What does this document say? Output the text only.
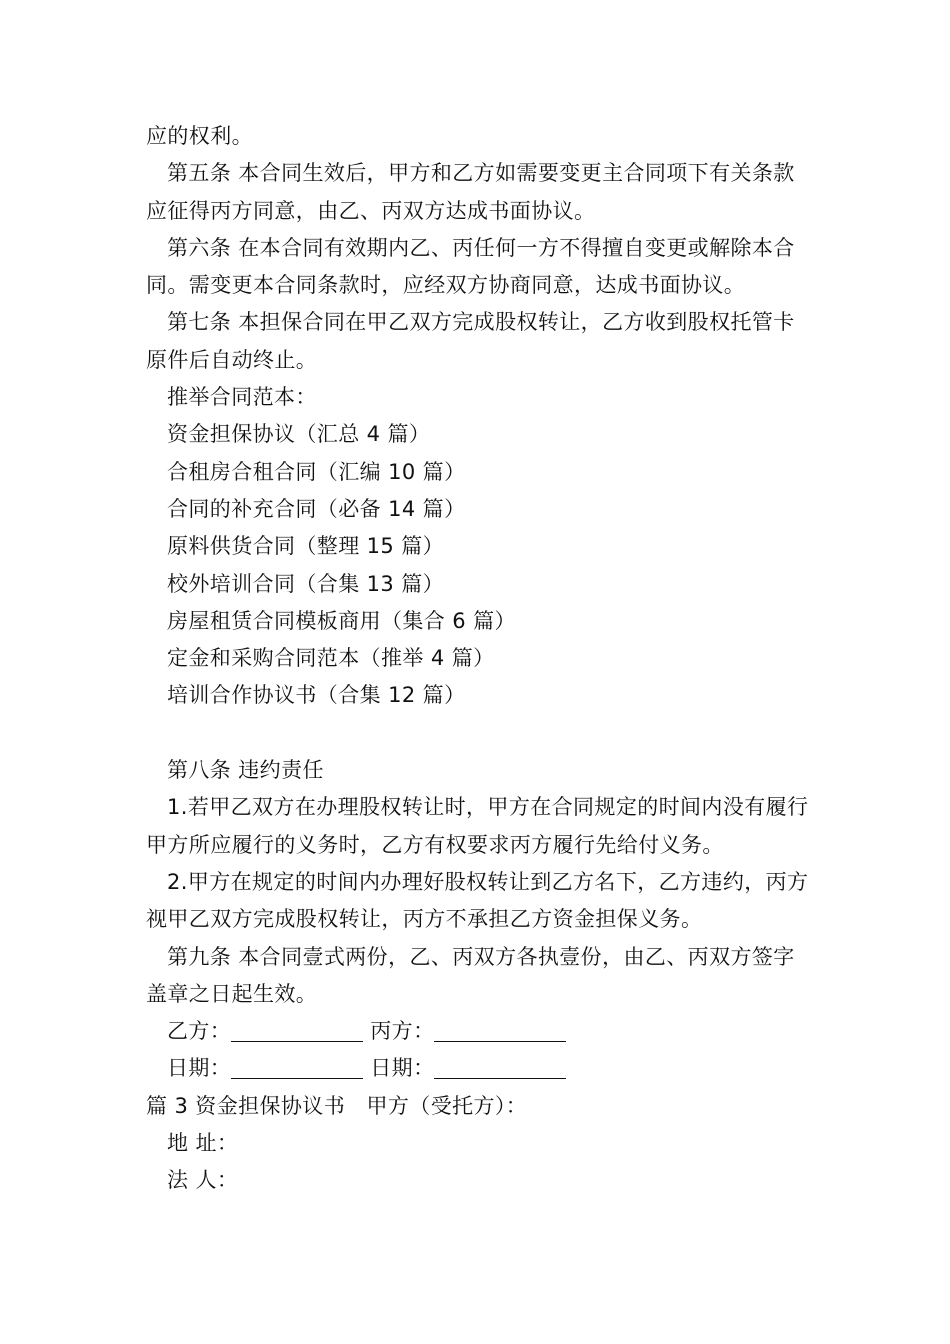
应的权利。

第五条 本合同生效后，甲方和乙方如需要变更主合同项下有关条款应征得丙方同意，由乙、丙双方达成书面协议。

第六条 在本合同有效期内乙、丙任何一方不得擅自变更或解除本合同。需变更本合同条款时，应经双方协商同意，达成书面协议。

第七条 本担保合同在甲乙双方完成股权转让，乙方收到股权托管卡原件后自动终止。

推举合同范本：

资金担保协议（汇总 4 篇）

合租房合租合同（汇编 10 篇）

合同的补充合同（必备 14 篇）

原料供货合同（整理 15 篇）

校外培训合同（合集 13 篇）

房屋租赁合同模板商用（集合 6 篇）

定金和采购合同范本（推举 4 篇）

培训合作协议书（合集 12 篇）

第八条 违约责任

1.若甲乙双方在办理股权转让时，甲方在合同规定的时间内没有履行甲方所应履行的义务时，乙方有权要求丙方履行先给付义务。

2.甲方在规定的时间内办理好股权转让到乙方名下，乙方违约，丙方视甲乙双方完成股权转让，丙方不承担乙方资金担保义务。

第九条 本合同壹式两份，乙、丙双方各执壹份，由乙、丙双方签字盖章之日起生效。

乙方：	丙方：

日期：	日期：

篇 3 资金担保协议书　甲方（受托方）：

地 址：

法 人：
